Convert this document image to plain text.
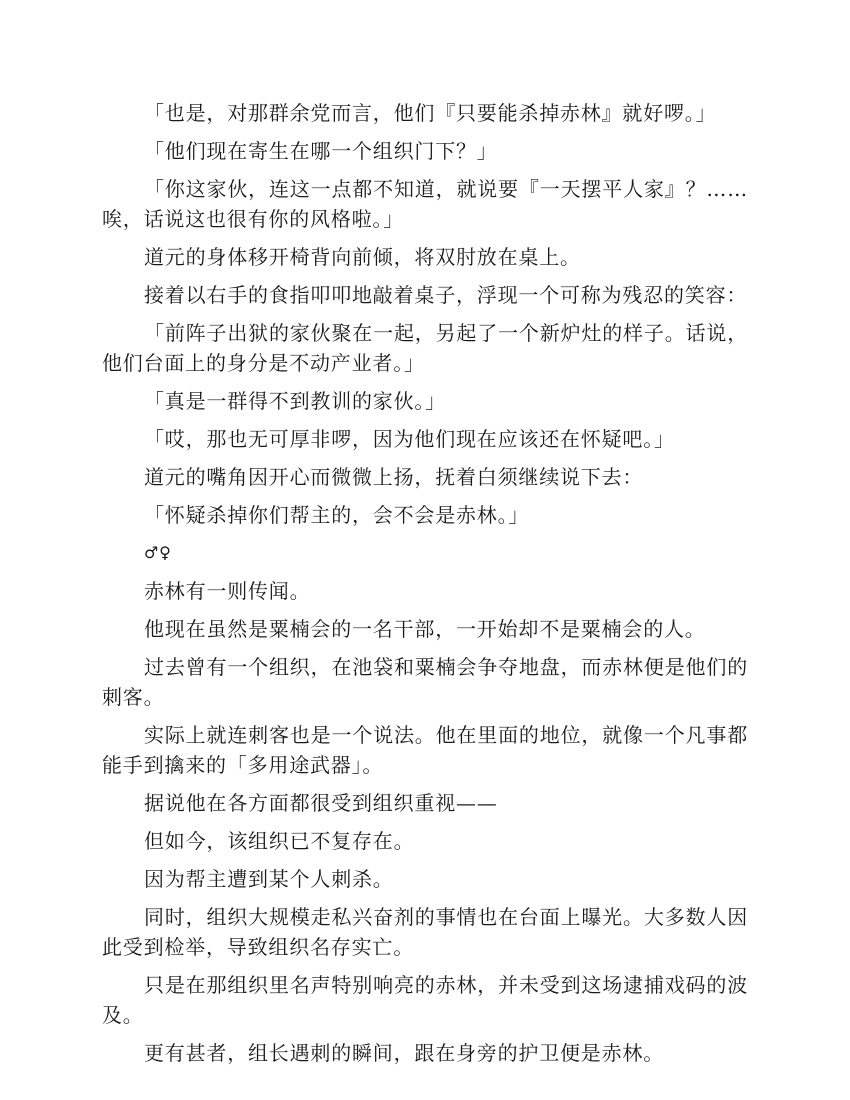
「也是，对那群余党而言，他们『只要能杀掉赤林』就好啰。」

「他们现在寄生在哪一个组织门下？」

「你这家伙，连这一点都不知道，就说要『一天摆平人家』？……唉，话说这也很有你的风格啦。」

道元的身体移开椅背向前倾，将双肘放在桌上。

接着以右手的食指叩叩地敲着桌子，浮现一个可称为残忍的笑容：

「前阵子出狱的家伙聚在一起，另起了一个新炉灶的样子。话说，他们台面上的身分是不动产业者。」

「真是一群得不到教训的家伙。」

「哎，那也无可厚非啰，因为他们现在应该还在怀疑吧。」

道元的嘴角因开心而微微上扬，抚着白须继续说下去：

「怀疑杀掉你们帮主的，会不会是赤林。」

♂♀

赤林有一则传闻。

他现在虽然是粟楠会的一名干部，一开始却不是粟楠会的人。

过去曾有一个组织，在池袋和粟楠会争夺地盘，而赤林便是他们的刺客。

实际上就连刺客也是一个说法。他在里面的地位，就像一个凡事都能手到擒来的「多用途武器」。

据说他在各方面都很受到组织重视——

但如今，该组织已不复存在。

因为帮主遭到某个人刺杀。

同时，组织大规模走私兴奋剂的事情也在台面上曝光。大多数人因此受到检举，导致组织名存实亡。

只是在那组织里名声特别响亮的赤林，并未受到这场逮捕戏码的波及。

更有甚者，组长遇刺的瞬间，跟在身旁的护卫便是赤林。
